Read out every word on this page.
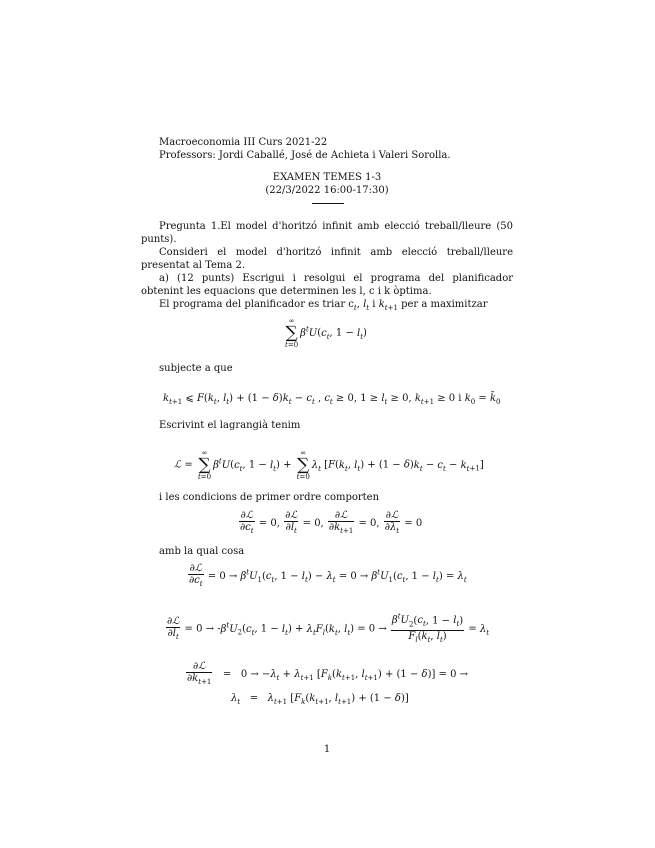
Macroeconomia III Curs 2021-22
Professors: Jordi Caballé, José de Achieta i Valeri Sorolla.
EXAMEN TEMES 1-3
(22/3/2022 16:00-17:30)
Pregunta 1.El model d'horitzó infinit amb elecció treball/lleure (50 punts).
Consideri el model d'horitzó infinit amb elecció treball/lleure presentat al Tema 2.
a) (12 punts) Escrigui i resolgui el programa del planificador obtenint les equacions que determinen les l, c i k òptima.
El programa del planificador es triar $c_t$, $l_t$ i $k_{t+1}$ per a maximitzar
∞
∑
t=0
$\beta^tU(c_t$, $1 - l_t$)
subjecte a que
$k_{t+1}$ ⩽ $F(k_t$, $l_t) + (1 - \delta)k_t - c_t$ , $c_t \ge 0$, $1 \ge l_t \ge 0$, $k_{t+1} \ge 0$ i $k_0$ = $k̄_0$
Escrivint el lagrangià tenim
ℒ =
∞
∑
t=0
$\beta^tU(c_t$, $1 - l_t$) +
∞
∑
t=0
$\lambda_t$ [$F(k_t$, $l_t) + (1 - \delta)k_t - c_t - k_{t+1}$]
i les condicions de primer ordre comporten
$\frac{\text{∂ℒ}}{\partial c_t} = 0$, $\frac{\text{∂ℒ}}{\partial l_t} = 0$, $\frac{\text{∂ℒ}}{\partial k_{t+1}} = 0$, $\frac{\text{∂ℒ}}{\partial\lambda_t} = 0$
amb la qual cosa
$\frac{\text{∂ℒ}}{\partial c_t} = 0 \to \beta^tU_1(c_t$, $1 - l_t) - \lambda_t = 0 \to \beta^tU_1(c_t$, $1 - l_t) = \lambda_t$
$\frac{\text{∂ℒ}}{\partial l_t} = 0 \to -\beta^tU_2(c_t$, $1 - l_t) + \lambda_tF_l(k_t$, $l_t) = 0 \to \frac{\beta^tU_2(c_t, 1 - l_t)}{F_l(k_t, l_t)} = \lambda_t$
$\frac{\text{∂ℒ}}{\partial k_{t+1}} = 0 \to -\lambda_t + \lambda_{t+1}$ [$F_k(k_{t+1}$, $l_{t+1}) + (1 - \delta)] = 0$ →
$\lambda_t = \lambda_{t+1}$ [$F_k(k_{t+1}$, $l_{t+1}) + (1 - \delta)$]
1
